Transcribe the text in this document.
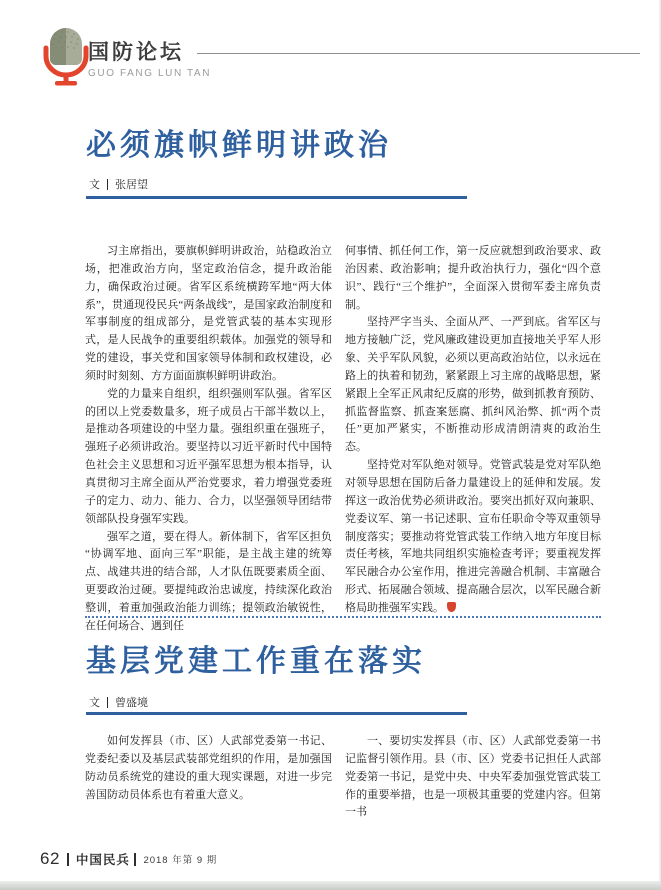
国防论坛
GUO FANG LUN TAN
必须旗帜鲜明讲政治
文 张居望

习主席指出，要旗帜鲜明讲政治，站稳政治立场，把准政治方向，坚定政治信念，提升政治能力，确保政治过硬。省军区系统横跨军地“两大体系”，贯通现役民兵“两条战线”，是国家政治制度和军事制度的组成部分，是党管武装的基本实现形式，是人民战争的重要组织载体。加强党的领导和党的建设，事关党和国家领导体制和政权建设，必须时时刻刻、方方面面旗帜鲜明讲政治。

党的力量来自组织，组织强则军队强。省军区的团以上党委数量多，班子成员占干部半数以上，是推动各项建设的中坚力量。强组织重在强班子，强班子必须讲政治。要坚持以习近平新时代中国特色社会主义思想和习近平强军思想为根本指导，认真贯彻习主席全面从严治党要求，着力增强党委班子的定力、动力、能力、合力，以坚强领导团结带领部队投身强军实践。

强军之道，要在得人。新体制下，省军区担负“协调军地、面向三军”职能，是主战主建的统筹点、战建共进的结合部，人才队伍既要素质全面、更要政治过硬。要提纯政治忠诚度，持续深化政治整训，着重加强政治能力训练；提领政治敏锐性，在任何场合、遇到任

何事情、抓任何工作，第一反应就想到政治要求、政治因素、政治影响；提升政治执行力，强化“四个意识”、践行“三个维护”，全面深入贯彻军委主席负责制。

坚持严字当头、全面从严、一严到底。省军区与地方接触广泛，党风廉政建设更加直接地关乎军人形象、关乎军队风貌，必须以更高政治站位，以永远在路上的执着和韧劲，紧紧跟上习主席的战略思想，紧紧跟上全军正风肃纪反腐的形势，做到抓教育预防、抓监督监察、抓查案惩腐、抓纠风治弊、抓“两个责任”更加严紧实，不断推动形成清朗清爽的政治生态。

坚持党对军队绝对领导。党管武装是党对军队绝对领导思想在国防后备力量建设上的延伸和发展。发挥这一政治优势必须讲政治。要突出抓好双向兼职、党委议军、第一书记述职、宣布任职命令等双重领导制度落实；要推动将党管武装工作纳入地方年度目标责任考核，军地共同组织实施检查考评；要重视发挥军民融合办公室作用，推进完善融合机制、丰富融合形式、拓展融合领域、提高融合层次，以军民融合新格局助推强军实践。

基层党建工作重在落实
文 曾盛境

如何发挥县（市、区）人武部党委第一书记、党委纪委以及基层武装部党组织的作用，是加强国防动员系统党的建设的重大现实课题，对进一步完善国防动员体系也有着重大意义。

一、要切实发挥县（市、区）人武部党委第一书记监督引领作用。县（市、区）党委书记担任人武部党委第一书记，是党中央、中央军委加强党管武装工作的重要举措，也是一项极其重要的党建内容。但第一书

62 中国民兵 2018 年第 9 期
